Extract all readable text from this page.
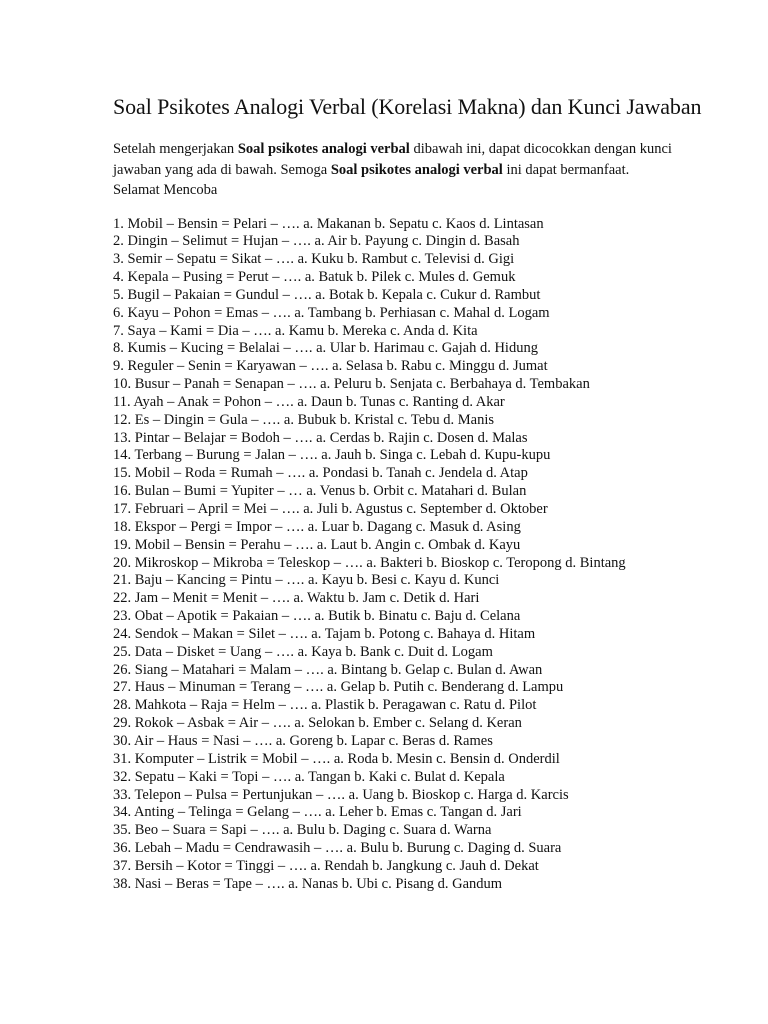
Soal Psikotes Analogi Verbal (Korelasi Makna) dan Kunci Jawaban

Setelah mengerjakan Soal psikotes analogi verbal dibawah ini, dapat dicocokkan dengan kunci jawaban yang ada di bawah. Semoga Soal psikotes analogi verbal ini dapat bermanfaat. Selamat Mencoba

1. Mobil – Bensin = Pelari – …. a. Makanan b. Sepatu c. Kaos d. Lintasan
2. Dingin – Selimut = Hujan – …. a. Air b. Payung c. Dingin d. Basah
3. Semir – Sepatu = Sikat – …. a. Kuku b. Rambut c. Televisi d. Gigi
4. Kepala – Pusing = Perut – …. a. Batuk b. Pilek c. Mules d. Gemuk
5. Bugil – Pakaian = Gundul – …. a. Botak b. Kepala c. Cukur d. Rambut
6. Kayu – Pohon = Emas – …. a. Tambang b. Perhiasan c. Mahal d. Logam
7. Saya – Kami = Dia – …. a. Kamu b. Mereka c. Anda d. Kita
8. Kumis – Kucing = Belalai – …. a. Ular b. Harimau c. Gajah d. Hidung
9. Reguler – Senin = Karyawan – …. a. Selasa b. Rabu c. Minggu d. Jumat
10. Busur – Panah = Senapan – …. a. Peluru b. Senjata c. Berbahaya d. Tembakan
11. Ayah – Anak = Pohon – …. a. Daun b. Tunas c. Ranting d. Akar
12. Es – Dingin = Gula – …. a. Bubuk b. Kristal c. Tebu d. Manis
13. Pintar – Belajar = Bodoh – …. a. Cerdas b. Rajin c. Dosen d. Malas
14. Terbang – Burung = Jalan – …. a. Jauh b. Singa c. Lebah d. Kupu-kupu
15. Mobil – Roda = Rumah – …. a. Pondasi b. Tanah c. Jendela d. Atap
16. Bulan – Bumi = Yupiter – … a. Venus b. Orbit c. Matahari d. Bulan
17. Februari – April = Mei – …. a. Juli b. Agustus c. September d. Oktober
18. Ekspor – Pergi = Impor – …. a. Luar b. Dagang c. Masuk d. Asing
19. Mobil – Bensin = Perahu – …. a. Laut b. Angin c. Ombak d. Kayu
20. Mikroskop – Mikroba = Teleskop – …. a. Bakteri b. Bioskop c. Teropong d. Bintang
21. Baju – Kancing = Pintu – …. a. Kayu b. Besi c. Kayu d. Kunci
22. Jam – Menit = Menit – …. a. Waktu b. Jam c. Detik d. Hari
23. Obat – Apotik = Pakaian – …. a. Butik b. Binatu c. Baju d. Celana
24. Sendok – Makan = Silet – …. a. Tajam b. Potong c. Bahaya d. Hitam
25. Data – Disket = Uang – …. a. Kaya b. Bank c. Duit d. Logam
26. Siang – Matahari = Malam – …. a. Bintang b. Gelap c. Bulan d. Awan
27. Haus – Minuman = Terang – …. a. Gelap b. Putih c. Benderang d. Lampu
28. Mahkota – Raja = Helm – …. a. Plastik b. Peragawan c. Ratu d. Pilot
29. Rokok – Asbak = Air – …. a. Selokan b. Ember c. Selang d. Keran
30. Air – Haus = Nasi – …. a. Goreng b. Lapar c. Beras d. Rames
31. Komputer – Listrik = Mobil – …. a. Roda b. Mesin c. Bensin d. Onderdil
32. Sepatu – Kaki = Topi – …. a. Tangan b. Kaki c. Bulat d. Kepala
33. Telepon – Pulsa = Pertunjukan – …. a. Uang b. Bioskop c. Harga d. Karcis
34. Anting – Telinga = Gelang – …. a. Leher b. Emas c. Tangan d. Jari
35. Beo – Suara = Sapi – …. a. Bulu b. Daging c. Suara d. Warna
36. Lebah – Madu = Cendrawasih – …. a. Bulu b. Burung c. Daging d. Suara
37. Bersih – Kotor = Tinggi – …. a. Rendah b. Jangkung c. Jauh d. Dekat
38. Nasi – Beras = Tape – …. a. Nanas b. Ubi c. Pisang d. Gandum
